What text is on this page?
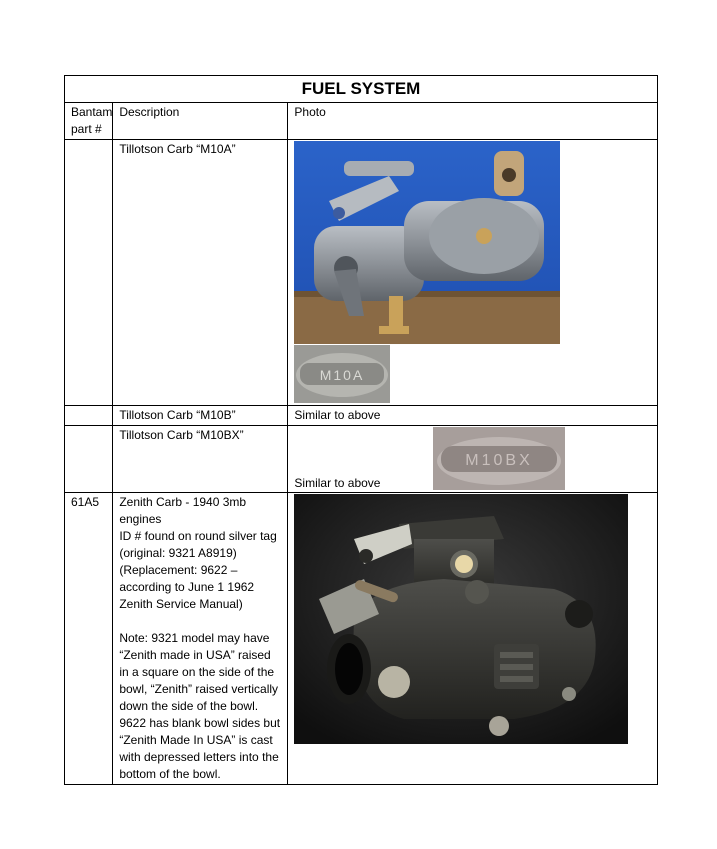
FUEL SYSTEM		
Bantam part #	Description	Photo
	Tillotson Carb “M10A”	M10A

	Tillotson Carb “M10B”	Similar to above
	Tillotson Carb “M10BX”	Similar to above
M10BX

61A5	Zenith Carb - 1940 3mb engines
ID # found on round silver tag (original: 9321 A8919) (Replacement: 9622 – according to June 1 1962 Zenith Service Manual)
Note: 9321 model may have “Zenith made in USA” raised in a square on the side of the bowl, “Zenith” raised vertically down the side of the bowl. 9622 has blank bowl sides but “Zenith Made In USA” is cast with depressed letters into the bottom of the bowl.
